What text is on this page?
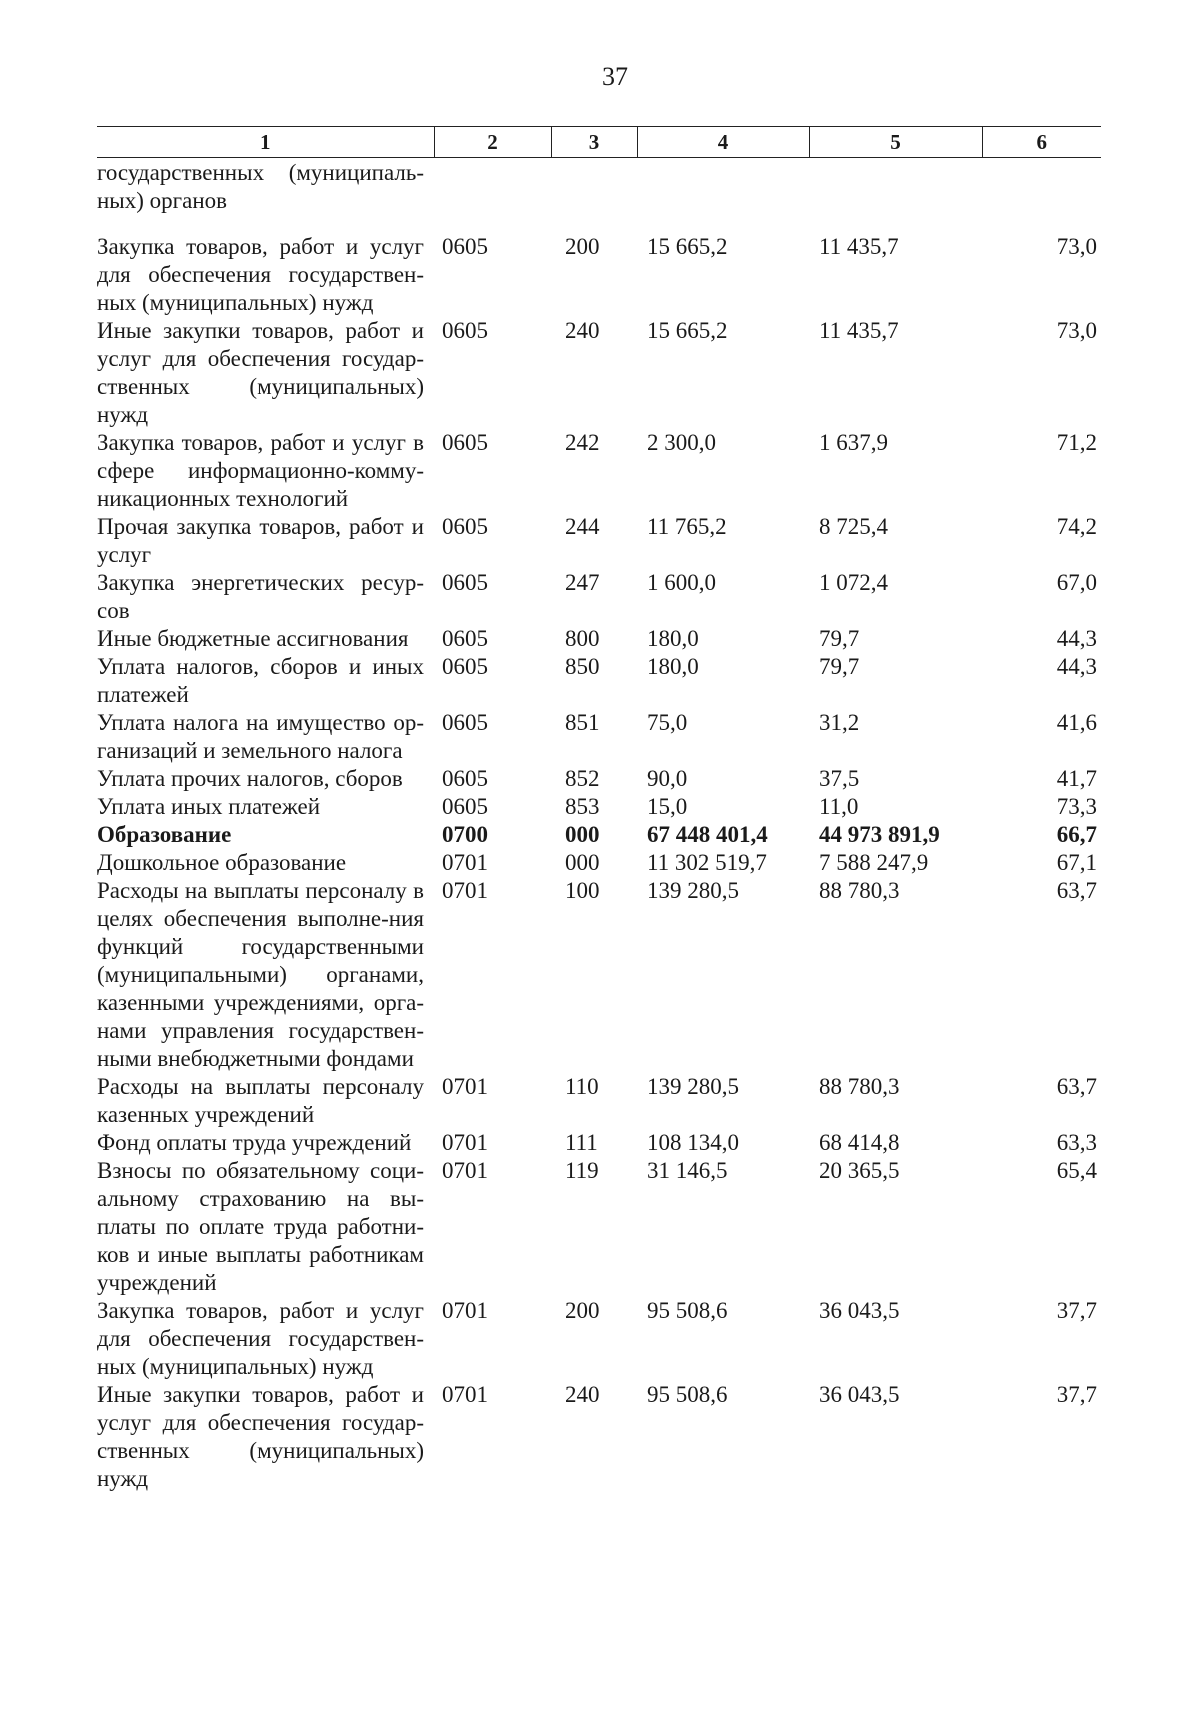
37
1	2	3	4	5	6
государственных (муниципаль-ных) органов					
Закупка товаров, работ и услуг для обеспечения государствен-ных (муниципальных) нужд	0605	200	15 665,2	11 435,7	73,0
Иные закупки товаров, работ и услуг для обеспечения государ-ственных (муниципальных) нужд	0605	240	15 665,2	11 435,7	73,0
Закупка товаров, работ и услуг в сфере информационно-комму-никационных технологий	0605	242	2 300,0	1 637,9	71,2
Прочая закупка товаров, работ и услуг	0605	244	11 765,2	8 725,4	74,2
Закупка энергетических ресур-сов	0605	247	1 600,0	1 072,4	67,0
Иные бюджетные ассигнования	0605	800	180,0	79,7	44,3
Уплата налогов, сборов и иных платежей	0605	850	180,0	79,7	44,3
Уплата налога на имущество ор-ганизаций и земельного налога	0605	851	75,0	31,2	41,6
Уплата прочих налогов, сборов	0605	852	90,0	37,5	41,7
Уплата иных платежей	0605	853	15,0	11,0	73,3
Образование	0700	000	67 448 401,4	44 973 891,9	66,7
Дошкольное образование	0701	000	11 302 519,7	7 588 247,9	67,1
Расходы на выплаты персоналу в целях обеспечения выполне-ния функций государственными (муниципальными) органами, казенными учреждениями, орга-нами управления государствен-ными внебюджетными фондами	0701	100	139 280,5	88 780,3	63,7
Расходы на выплаты персоналу казенных учреждений	0701	110	139 280,5	88 780,3	63,7
Фонд оплаты труда учреждений	0701	111	108 134,0	68 414,8	63,3
Взносы по обязательному соци-альному страхованию на вы-платы по оплате труда работни-ков и иные выплаты работникам учреждений	0701	119	31 146,5	20 365,5	65,4
Закупка товаров, работ и услуг для обеспечения государствен-ных (муниципальных) нужд	0701	200	95 508,6	36 043,5	37,7
Иные закупки товаров, работ и услуг для обеспечения государ-ственных (муниципальных) нужд	0701	240	95 508,6	36 043,5	37,7
